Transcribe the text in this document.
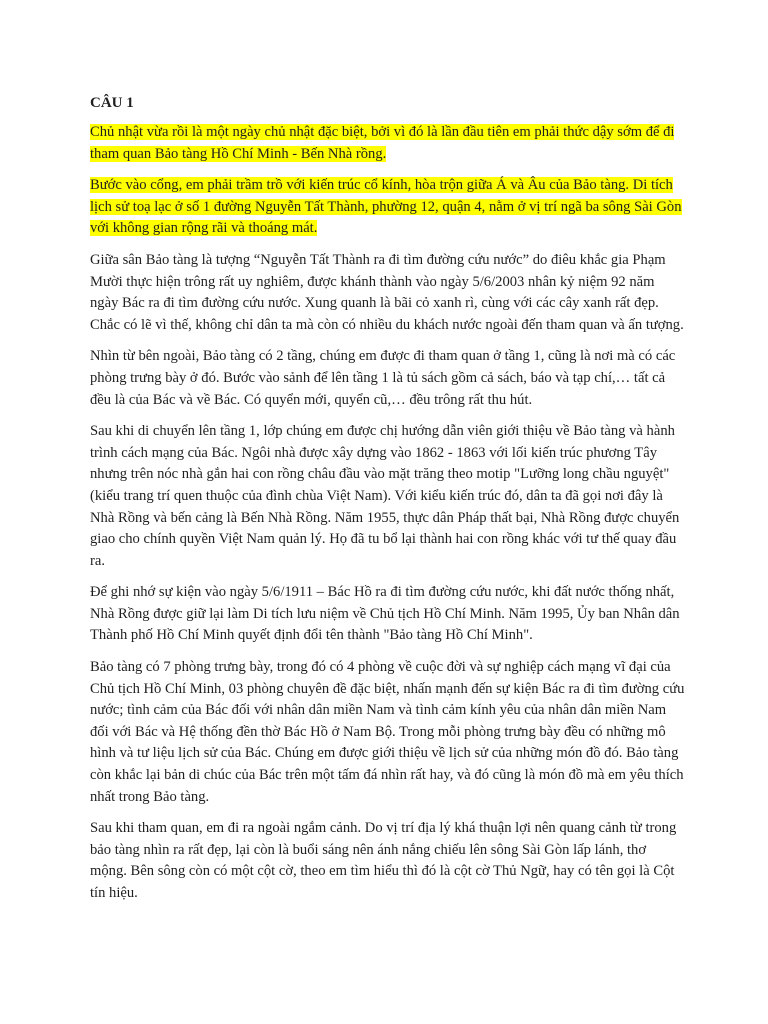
CÂU 1

Chủ nhật vừa rồi là một ngày chủ nhật đặc biệt, bởi vì đó là lần đầu tiên em phải thức dậy sớm để đi tham quan Bảo tàng Hồ Chí Minh - Bến Nhà rồng.

Bước vào cổng, em phải trầm trồ với kiến trúc cổ kính, hòa trộn giữa Á và Âu của Bảo tàng. Di tích lịch sử toạ lạc ở số 1 đường Nguyễn Tất Thành, phường 12, quận 4, nằm ở vị trí ngã ba sông Sài Gòn với không gian rộng rãi và thoáng mát.

Giữa sân Bảo tàng là tượng “Nguyễn Tất Thành ra đi tìm đường cứu nước” do điêu khắc gia Phạm Mười thực hiện trông rất uy nghiêm, được khánh thành vào ngày 5/6/2003 nhân kỷ niệm 92 năm ngày Bác ra đi tìm đường cứu nước. Xung quanh là bãi cỏ xanh rì, cùng với các cây xanh rất đẹp. Chắc có lẽ vì thế, không chỉ dân ta mà còn có nhiều du khách nước ngoài đến tham quan và ấn tượng.

Nhìn từ bên ngoài, Bảo tàng có 2 tầng, chúng em được đi tham quan ở tầng 1, cũng là nơi mà có các phòng trưng bày ở đó. Bước vào sảnh để lên tầng 1 là tủ sách gồm cả sách, báo và tạp chí,… tất cả đều là của Bác và về Bác. Có quyển mới, quyển cũ,… đều trông rất thu hút.

Sau khi di chuyển lên tầng 1, lớp chúng em được chị hướng dẫn viên giới thiệu về Bảo tàng và hành trình cách mạng của Bác. Ngôi nhà được xây dựng vào 1862 - 1863 với lối kiến trúc phương Tây nhưng trên nóc nhà gắn hai con rồng châu đầu vào mặt trăng theo motip "Lưỡng long chầu nguyệt" (kiểu trang trí quen thuộc của đình chùa Việt Nam). Với kiểu kiến trúc đó, dân ta đã gọi nơi đây là Nhà Rồng và bến cảng là Bến Nhà Rồng. Năm 1955, thực dân Pháp thất bại, Nhà Rồng được chuyển giao cho chính quyền Việt Nam quản lý. Họ đã tu bổ lại thành hai con rồng khác với tư thế quay đầu ra.

Để ghi nhớ sự kiện vào ngày 5/6/1911 – Bác Hồ ra đi tìm đường cứu nước, khi đất nước thống nhất, Nhà Rồng được giữ lại làm Di tích lưu niệm về Chủ tịch Hồ Chí Minh. Năm 1995, Ủy ban Nhân dân Thành phố Hồ Chí Minh quyết định đổi tên thành "Bảo tàng Hồ Chí Minh".

Bảo tàng có 7 phòng trưng bày, trong đó có 4 phòng về cuộc đời và sự nghiệp cách mạng vĩ đại của Chủ tịch Hồ Chí Minh, 03 phòng chuyên đề đặc biệt, nhấn mạnh đến sự kiện Bác ra đi tìm đường cứu nước; tình cảm của Bác đối với nhân dân miền Nam và tình cảm kính yêu của nhân dân miền Nam đối với Bác và Hệ thống đền thờ Bác Hồ ở Nam Bộ. Trong mỗi phòng trưng bày đều có những mô hình và tư liệu lịch sử của Bác. Chúng em được giới thiệu về lịch sử của những món đồ đó. Bảo tàng còn khắc lại bản di chúc của Bác trên một tấm đá nhìn rất hay, và đó cũng là món đồ mà em yêu thích nhất trong Bảo tàng.

Sau khi tham quan, em đi ra ngoài ngắm cảnh. Do vị trí địa lý khá thuận lợi nên quang cảnh từ trong bảo tàng nhìn ra rất đẹp, lại còn là buổi sáng nên ánh nắng chiếu lên sông Sài Gòn lấp lánh, thơ mộng. Bên sông còn có một cột cờ, theo em tìm hiểu thì đó là cột cờ Thủ Ngữ, hay có tên gọi là Cột tín hiệu.
